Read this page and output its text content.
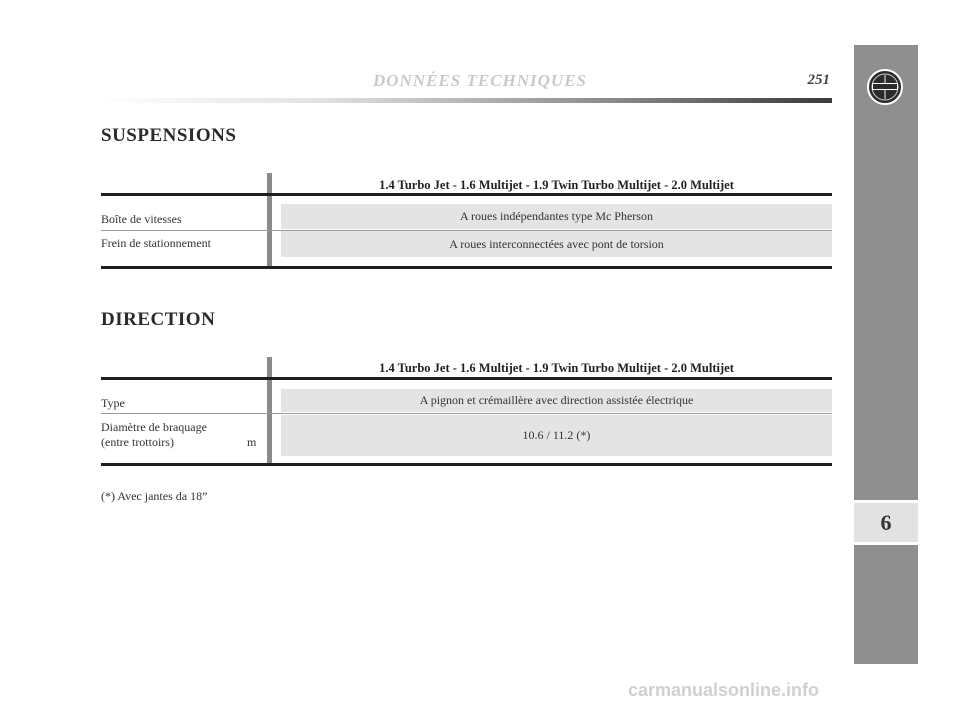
DONNÉES TECHNIQUES	251
6
SUSPENSIONS
1.4 Turbo Jet - 1.6 Multijet - 1.9 Twin Turbo Multijet - 2.0 Multijet
Boîte de vitesses	A roues indépendantes type Mc Pherson
Frein de stationnement	A roues interconnectées avec pont de torsion
DIRECTION
1.4 Turbo Jet - 1.6 Multijet - 1.9 Twin Turbo Multijet - 2.0 Multijet
Type	A pignon et crémaillère avec direction assistée électrique
Diamètre de braquage
(entre trottoirs)	m	10.6 / 11.2 (*)
(*) Avec jantes da 18”
carmanualsonline.info
